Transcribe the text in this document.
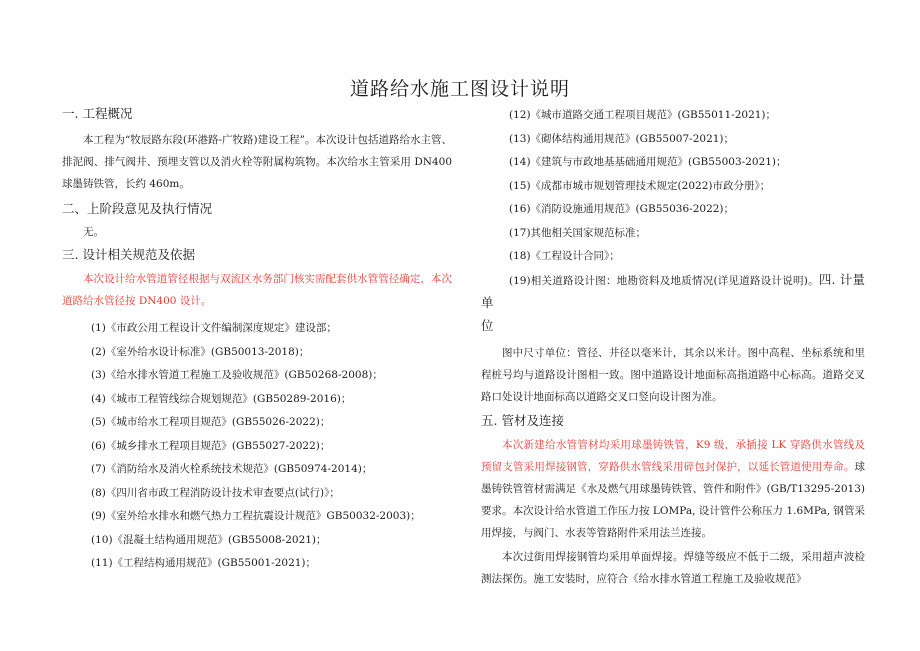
道路给水施工图设计说明

一. 工程概况

本工程为“牧辰路东段(环港路-广牧路)建设工程”。本次设计包括道路给水主管、排泥阀、排气阀井、预埋支管以及消火栓等附属构筑物。本次给水主管采用 DN400 球墨铸铁管，长约 460m。

二、上阶段意见及执行情况

无。

三. 设计相关规范及依据

本次设计给水管道管径根据与双流区水务部门核实需配套供水管管径确定，本次道路给水管径按 DN400 设计。

(1)《市政公用工程设计文件编制深度规定》建设部；

(2)《室外给水设计标准》(GB50013-2018)；

(3)《给水排水管道工程施工及验收规范》(GB50268-2008)；

(4)《城市工程管线综合规划规范》(GB50289-2016)；

(5)《城市给水工程项目规范》(GB55026-2022)；

(6)《城乡排水工程项目规范》(GB55027-2022)；

(7)《消防给水及消火栓系统技术规范》(GB50974-2014)；

(8)《四川省市政工程消防设计技术审查要点(试行)》；

(9)《室外给水排水和燃气热力工程抗震设计规范》GB50032-2003)；

(10)《混凝土结构通用规范》(GB55008-2021)；

(11)《工程结构通用规范》(GB55001-2021)；

(12)《城市道路交通工程项目规范》(GB55011-2021)；

(13)《砌体结构通用规范》(GB55007-2021)；

(14)《建筑与市政地基基础通用规范》(GB55003-2021)；

(15)《成都市城市规划管理技术规定(2022)市政分册》；

(16)《消防设施通用规范》(GB55036-2022)；

(17)其他相关国家规范标准；

(18)《工程设计合同》；

(19)相关道路设计图：地勘资料及地质情况(详见道路设计说明)。四. 计量单
位

图中尺寸单位：管径、井径以毫米计，其余以米计。图中高程、坐标系统和里程桩号均与道路设计图相一致。图中道路设计地面标高指道路中心标高。道路交叉路口处设计地面标高以道路交叉口竖向设计图为准。

五. 管材及连接

本次新建给水管管材均采用球墨铸铁管，K9 级，承插接 LK 穿路供水管线及预留支管采用焊接钢管，穿路供水管线采用碎包封保护，以延长管道使用寿命。球墨铸铁管管材需满足《水及燃气用球墨铸铁管、管件和附件》(GB/T13295-2013)要求。本次设计给水管道工作压力按 LOMPa, 设计管件公称压力 1.6MPa, 钢管采用焊接，与阀门、水表等管路附件采用法兰连接。

本次过街用焊接钢管均采用单面焊接。焊缝等级应不低于二级，采用超声波检测法探伤。施工安装时，应符合《给水排水管道工程施工及验收规范》
